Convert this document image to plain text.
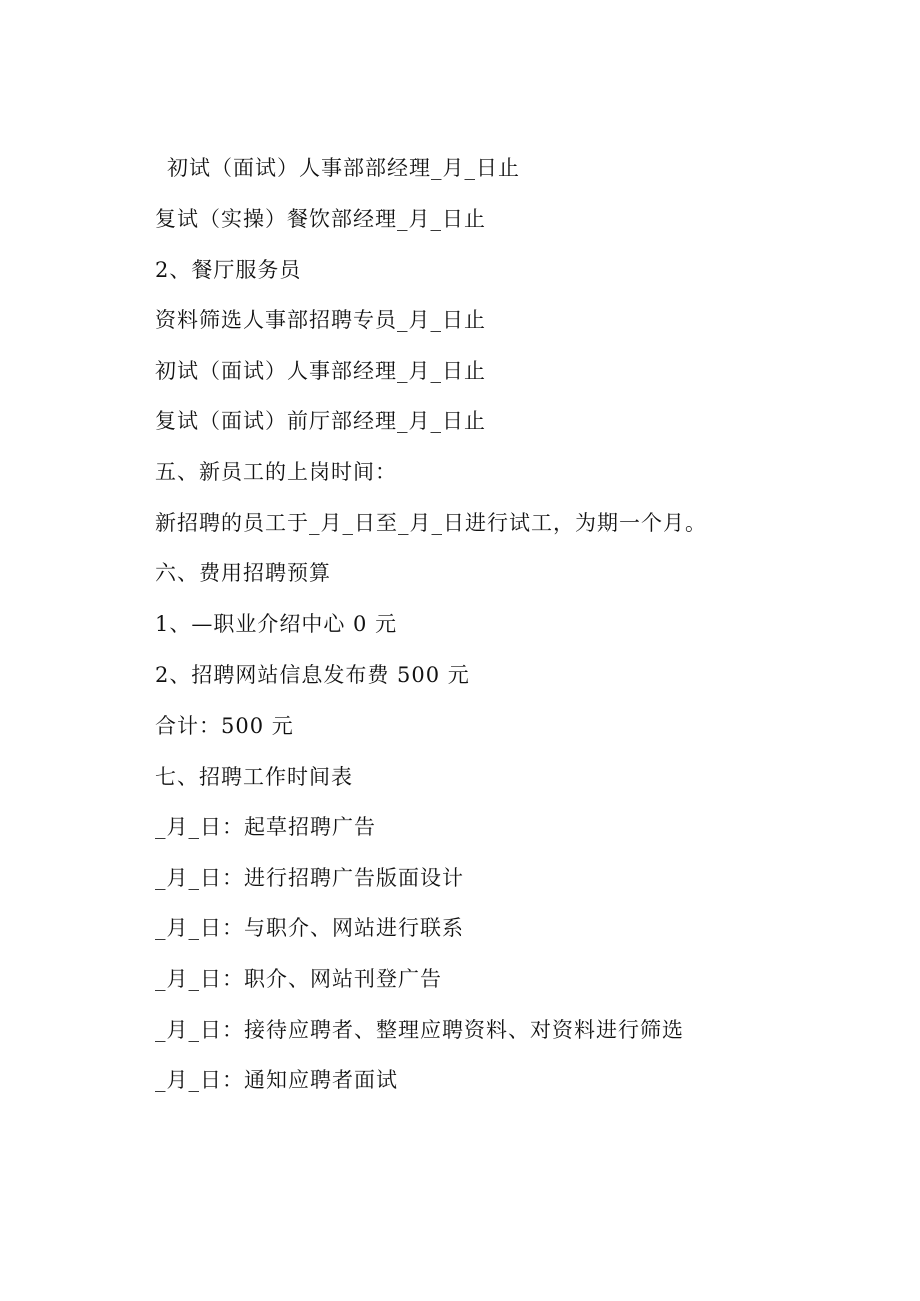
初试（面试）人事部部经理_月_日止
复试（实操）餐饮部经理_月_日止
2、餐厅服务员
资料筛选人事部招聘专员_月_日止
初试（面试）人事部经理_月_日止
复试（面试）前厅部经理_月_日止
五、新员工的上岗时间：
新招聘的员工于_月_日至_月_日进行试工，为期一个月。
六、费用招聘预算
1、—职业介绍中心 0 元
2、招聘网站信息发布费 500 元
合计：500 元
七、招聘工作时间表
_月_日：起草招聘广告
_月_日：进行招聘广告版面设计
_月_日：与职介、网站进行联系
_月_日：职介、网站刊登广告
_月_日：接待应聘者、整理应聘资料、对资料进行筛选
_月_日：通知应聘者面试
